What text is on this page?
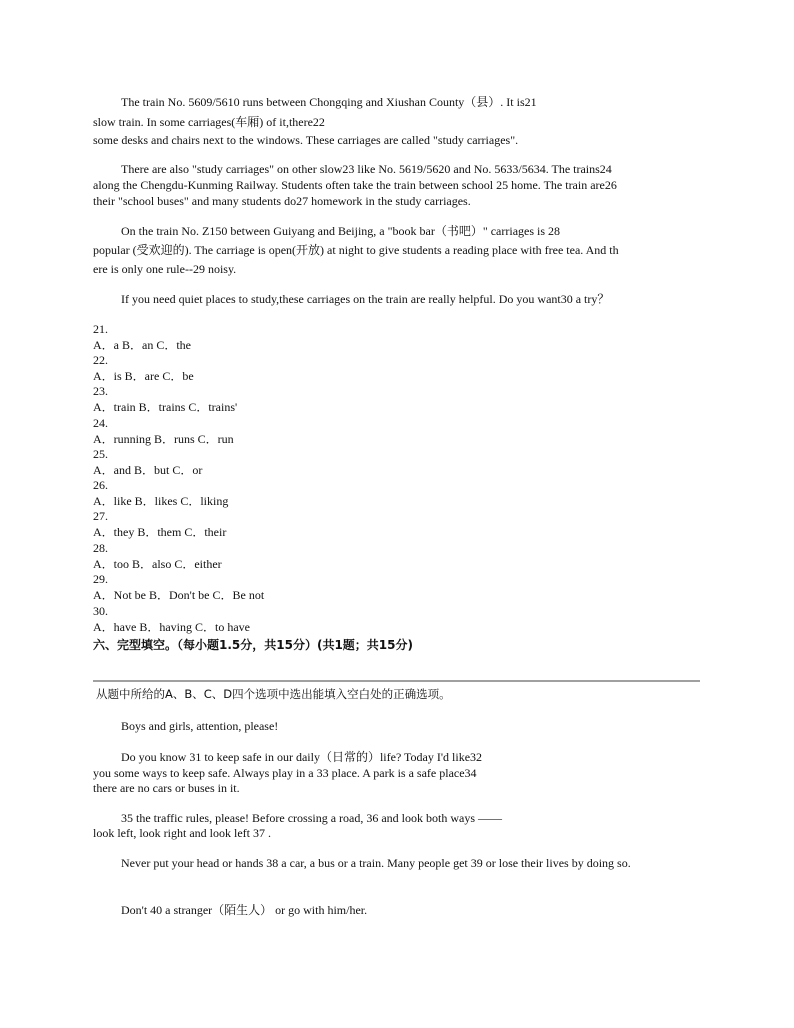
The train No. 5609/5610 runs between Chongqing and Xiushan County（县）. It is21
slow train. In some carriages(车厢) of it,there22
some desks and chairs next to the windows. These carriages are called "study carriages".
There are also "study carriages" on other slow23 like No. 5619/5620 and No. 5633/5634. The trains24
along the Chengdu-Kunming Railway. Students often take the train between school 25 home. The train are26
their "school buses" and many students do27 homework in the study carriages.
On the train No. Z150 between Guiyang and Beijing, a "book bar（书吧）" carriages is 28
popular (受欢迎的). The carriage is open(开放) at night to give students a reading place with free tea. And th
ere is only one rule--29 noisy.
If you need quiet places to study,these carriages on the train are really helpful. Do you want30 a try？
21.
A．a B．an C．the
22.
A．is B．are C．be
23.
A．train B．trains C．trains'
24.
A．running B．runs C．run
25.
A．and B．but C．or
26.
A．like B．likes C．liking
27.
A．they B．them C．their
28.
A．too B．also C．either
29.
A．Not be B．Don't be C．Be not
30.
A．have B．having C．to have
六、完型填空。（每小题1.5分，共15分）(共1题；共15分)
从题中所给的A、B、C、D四个选项中选出能填入空白处的正确选项。
Boys and girls, attention, please!
Do you know 31 to keep safe in our daily（日常的）life? Today I'd like32
you some ways to keep safe. Always play in a 33 place. A park is a safe place34
there are no cars or buses in it.
35 the traffic rules, please! Before crossing a road, 36 and look both ways ——
look left, look right and look left 37 .
Never put your head or hands 38 a car, a bus or a train. Many people get 39 or lose their lives by doing so.
Don't 40 a stranger（陌生人） or go with him/her.
